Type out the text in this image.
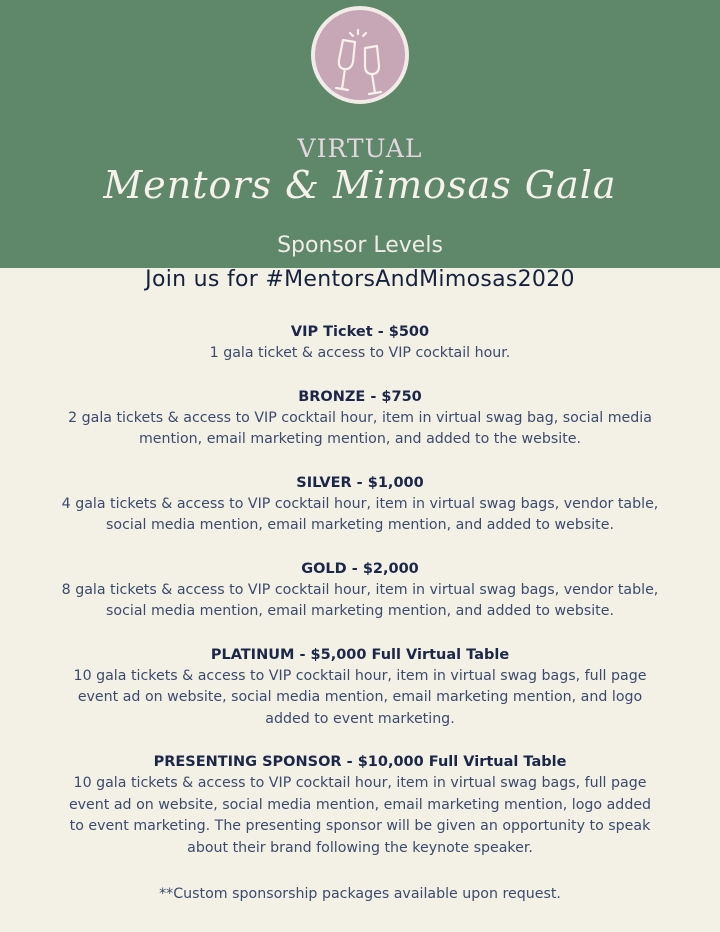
VIRTUAL
Mentors & Mimosas Gala
Sponsor Levels
Join us for #MentorsAndMimosas2020
VIP Ticket - $500
1 gala ticket & access to VIP cocktail hour.
BRONZE - $750
2 gala tickets & access to VIP cocktail hour, item in virtual swag bag, social media mention, email marketing mention, and added to the website.
SILVER - $1,000
4 gala tickets & access to VIP cocktail hour, item in virtual swag bags, vendor table, social media mention, email marketing mention, and added to website.
GOLD - $2,000
8 gala tickets & access to VIP cocktail hour, item in virtual swag bags, vendor table, social media mention, email marketing mention, and added to website.
PLATINUM - $5,000 Full Virtual Table
10 gala tickets & access to VIP cocktail hour, item in virtual swag bags, full page event ad on website, social media mention, email marketing mention, and logo added to event marketing.
PRESENTING SPONSOR - $10,000 Full Virtual Table
10 gala tickets & access to VIP cocktail hour, item in virtual swag bags, full page event ad on website, social media mention, email marketing mention, logo added to event marketing. The presenting sponsor will be given an opportunity to speak about their brand following the keynote speaker.
**Custom sponsorship packages available upon request.
